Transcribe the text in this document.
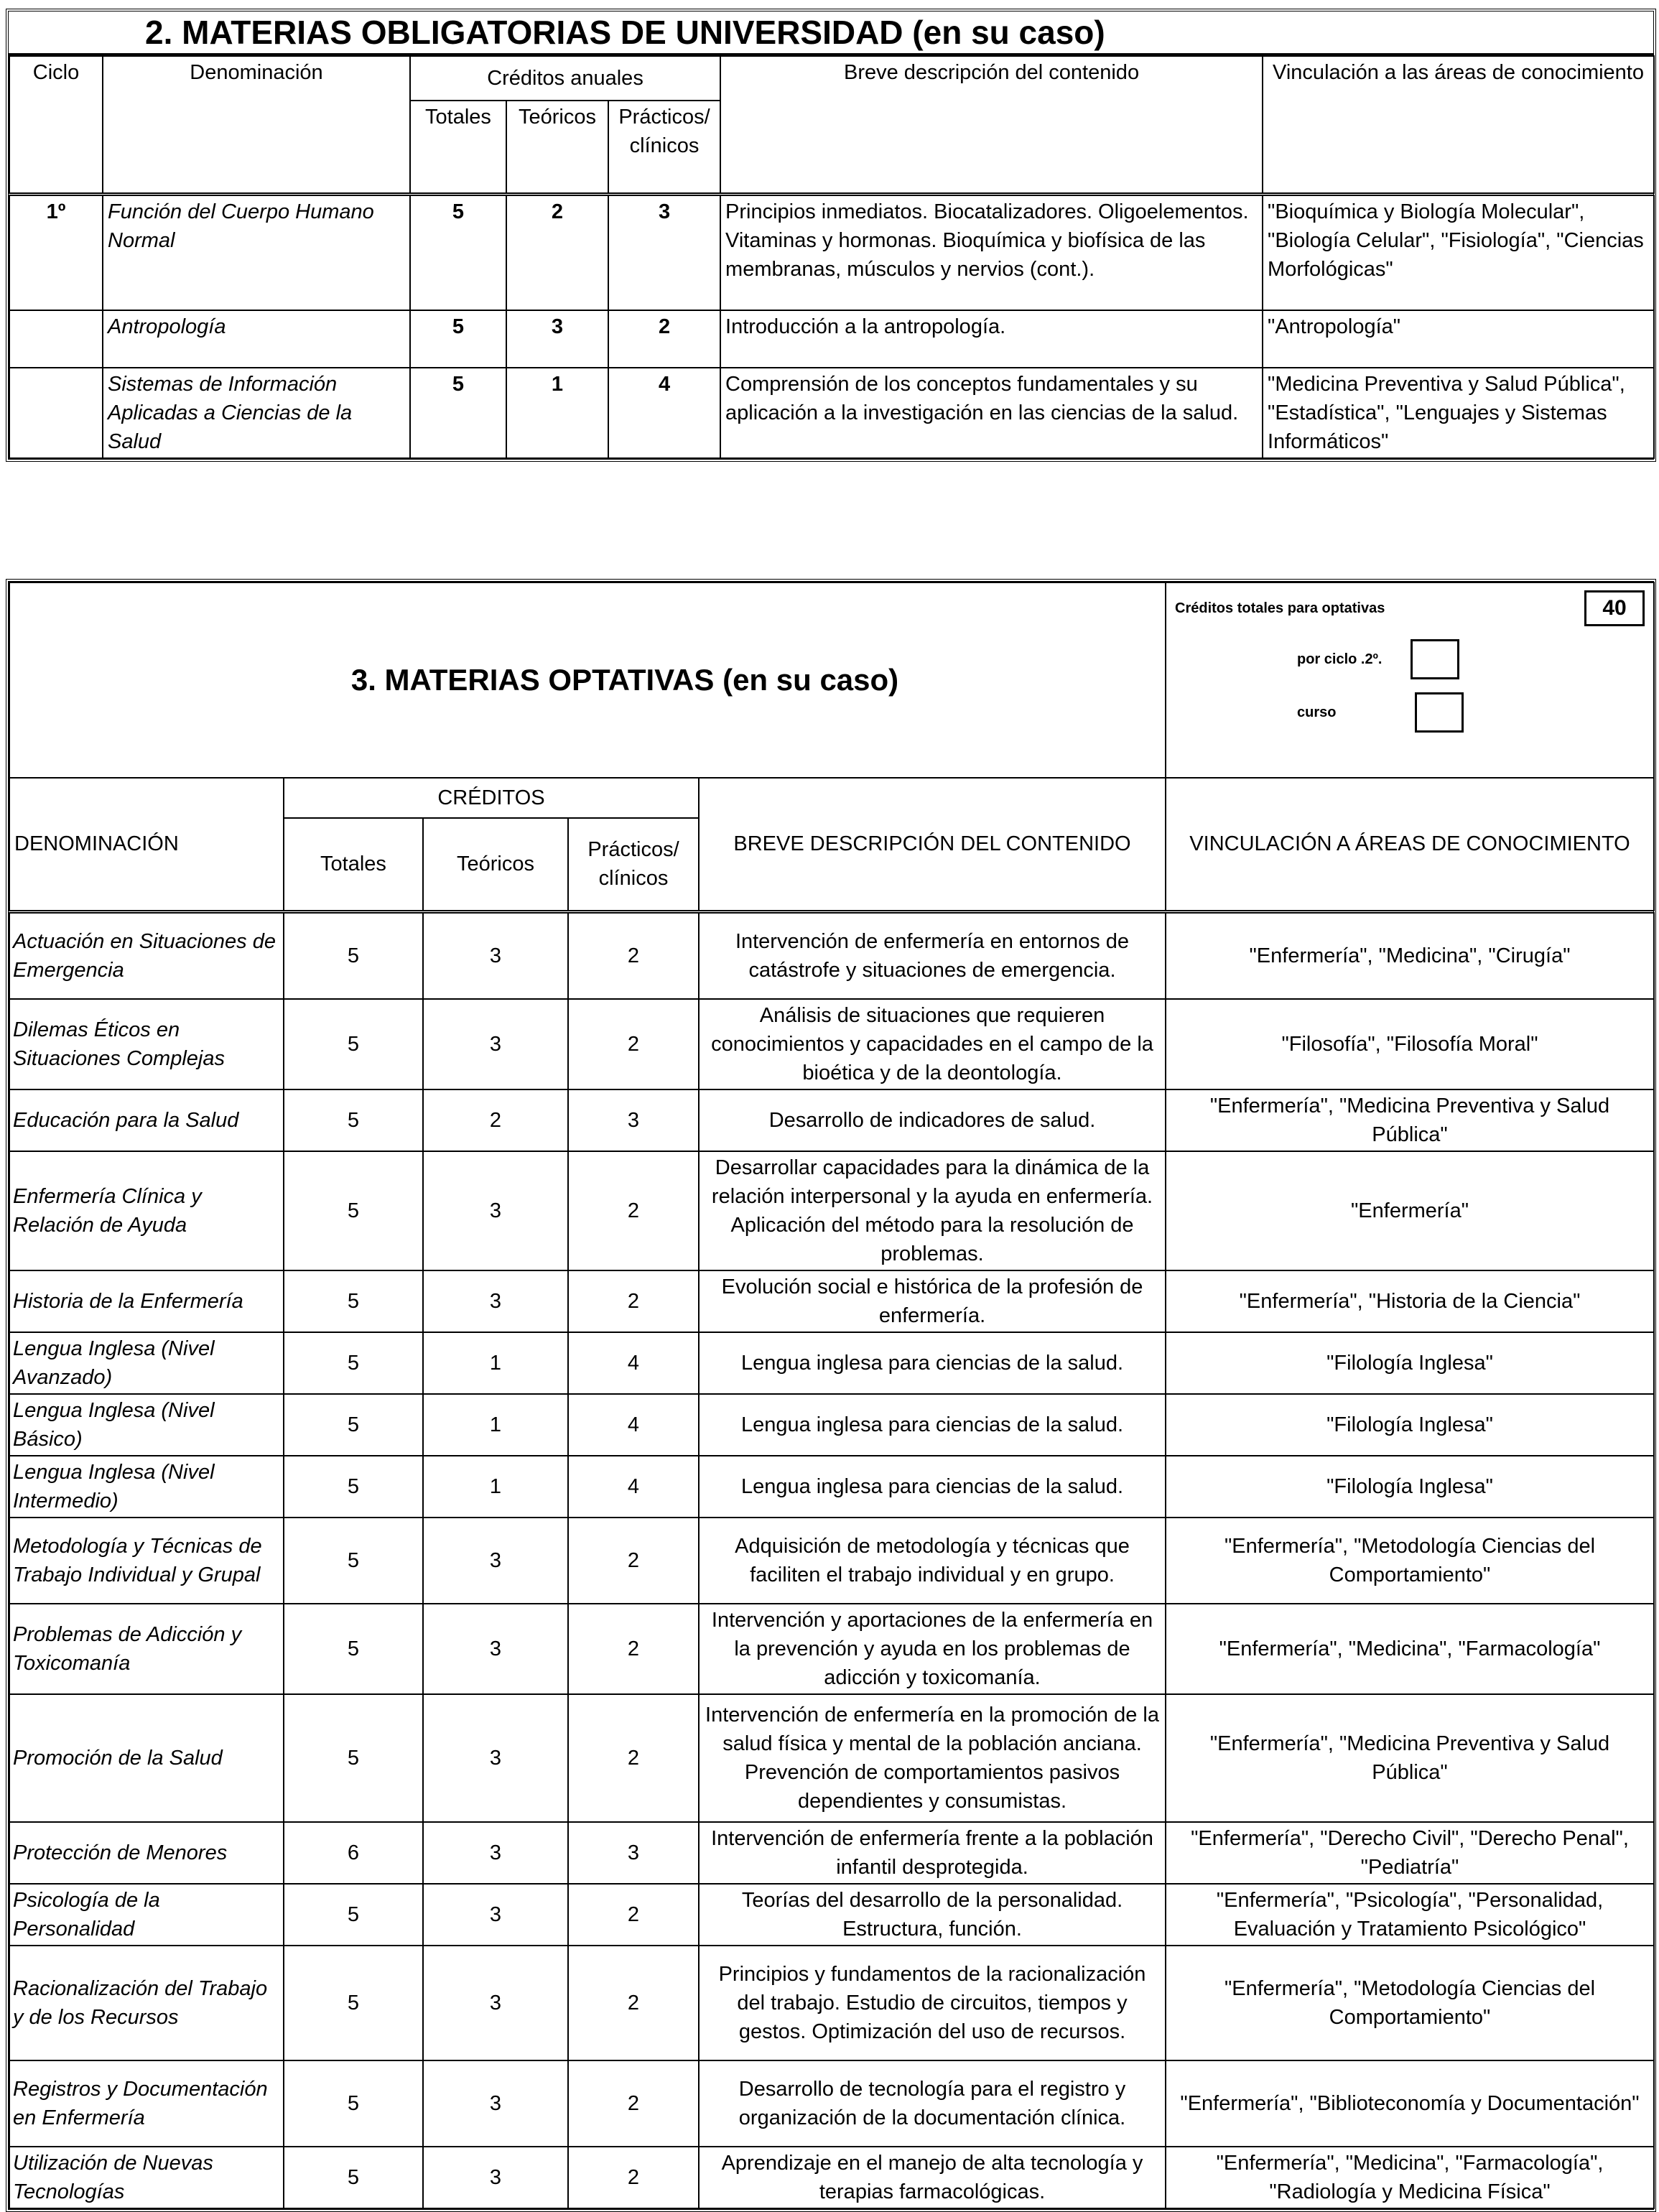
2. MATERIAS OBLIGATORIAS DE UNIVERSIDAD (en su caso)
Ciclo	Denominación	Créditos anuales			Breve descripción del contenido	Vinculación a las áreas de conocimiento
		Totales	Teóricos	Prácticos/ clínicos		
1º	Función del Cuerpo Humano Normal	5	2	3	Principios inmediatos. Biocatalizadores. Oligoelementos. Vitaminas y hormonas. Bioquímica y biofísica de las membranas, músculos y nervios (cont.).	"Bioquímica y Biología Molecular", "Biología Celular", "Fisiología", "Ciencias Morfológicas"
	Antropología	5	3	2	Introducción a la antropología.	"Antropología"
	Sistemas de Información Aplicadas a Ciencias de la Salud	5	1	4	Comprensión de los conceptos fundamentales y su aplicación a la investigación en las ciencias de la salud.	"Medicina Preventiva y Salud Pública", "Estadística", "Lenguajes y Sistemas Informáticos"
3. MATERIAS OPTATIVAS (en su caso)					Créditos totales para optativas 40
por ciclo .2º.
curso

DENOMINACIÓN	CRÉDITOS			BREVE DESCRIPCIÓN DEL CONTENIDO	VINCULACIÓN A ÁREAS DE CONOCIMIENTO
	Totales	Teóricos	Prácticos/ clínicos		
Actuación en Situaciones de Emergencia	5	3	2	Intervención de enfermería en entornos de catástrofe y situaciones de emergencia.	"Enfermería", "Medicina", "Cirugía"
Dilemas Éticos en Situaciones Complejas	5	3	2	Análisis de situaciones que requieren conocimientos y capacidades en el campo de la bioética y de la deontología.	"Filosofía", "Filosofía Moral"
Educación para la Salud	5	2	3	Desarrollo de indicadores de salud.	"Enfermería", "Medicina Preventiva y Salud Pública"
Enfermería Clínica y Relación de Ayuda	5	3	2	Desarrollar capacidades para la dinámica de la relación interpersonal y la ayuda en enfermería. Aplicación del método para la resolución de problemas.	"Enfermería"
Historia de la Enfermería	5	3	2	Evolución social e histórica de la profesión de enfermería.	"Enfermería", "Historia de la Ciencia"
Lengua Inglesa (Nivel Avanzado)	5	1	4	Lengua inglesa para ciencias de la salud.	"Filología Inglesa"
Lengua Inglesa (Nivel Básico)	5	1	4	Lengua inglesa para ciencias de la salud.	"Filología Inglesa"
Lengua Inglesa (Nivel Intermedio)	5	1	4	Lengua inglesa para ciencias de la salud.	"Filología Inglesa"
Metodología y Técnicas de Trabajo Individual y Grupal	5	3	2	Adquisición de metodología y técnicas que faciliten el trabajo individual y en grupo.	"Enfermería", "Metodología Ciencias del Comportamiento"
Problemas de Adicción y Toxicomanía	5	3	2	Intervención y aportaciones de la enfermería en la prevención y ayuda en los problemas de adicción y toxicomanía.	"Enfermería", "Medicina", "Farmacología"
Promoción de la Salud	5	3	2	Intervención de enfermería en la promoción de la salud física y mental de la población anciana. Prevención de comportamientos pasivos dependientes y consumistas.	"Enfermería", "Medicina Preventiva y Salud Pública"
Protección de Menores	6	3	3	Intervención de enfermería frente a la población infantil desprotegida.	"Enfermería", "Derecho Civil", "Derecho Penal", "Pediatría"
Psicología de la Personalidad	5	3	2	Teorías del desarrollo de la personalidad. Estructura, función.	"Enfermería", "Psicología", "Personalidad, Evaluación y Tratamiento Psicológico"
Racionalización del Trabajo y de los Recursos	5	3	2	Principios y fundamentos de la racionalización del trabajo. Estudio de circuitos, tiempos y gestos. Optimización del uso de recursos.	"Enfermería", "Metodología Ciencias del Comportamiento"
Registros y Documentación en Enfermería	5	3	2	Desarrollo de tecnología para el registro y organización de la documentación clínica.	"Enfermería", "Biblioteconomía y Documentación"
Utilización de Nuevas Tecnologías	5	3	2	Aprendizaje en el manejo de alta tecnología y terapias farmacológicas.	"Enfermería", "Medicina", "Farmacología", "Radiología y Medicina Física"
